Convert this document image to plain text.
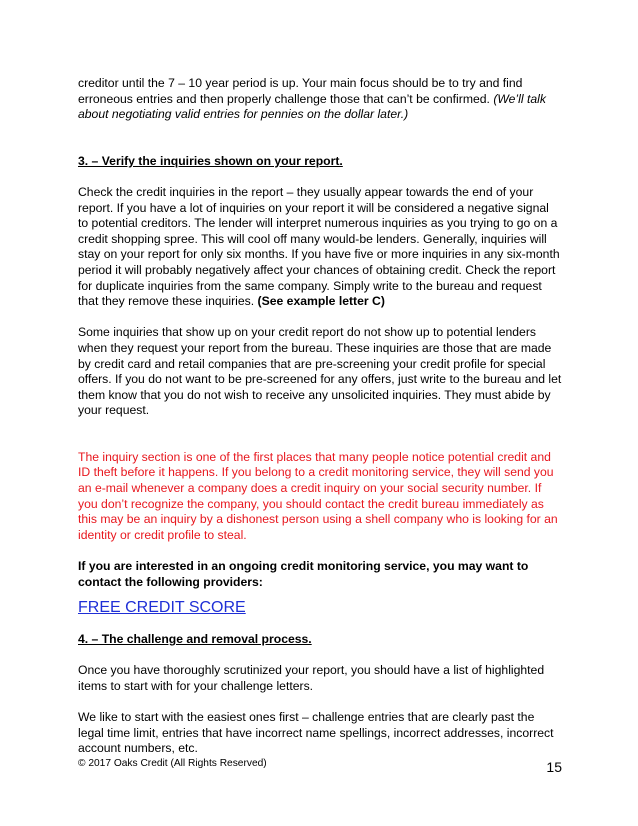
creditor until the 7 – 10 year period is up. Your main focus should be to try and find erroneous entries and then properly challenge those that can’t be confirmed. (We’ll talk about negotiating valid entries for pennies on the dollar later.)

3. – Verify the inquiries shown on your report.

Check the credit inquiries in the report – they usually appear towards the end of your report. If you have a lot of inquiries on your report it will be considered a negative signal to potential creditors. The lender will interpret numerous inquiries as you trying to go on a credit shopping spree. This will cool off many would-be lenders. Generally, inquiries will stay on your report for only six months. If you have five or more inquiries in any six-month period it will probably negatively affect your chances of obtaining credit. Check the report for duplicate inquiries from the same company. Simply write to the bureau and request that they remove these inquiries. (See example letter C)

Some inquiries that show up on your credit report do not show up to potential lenders when they request your report from the bureau. These inquiries are those that are made by credit card and retail companies that are pre-screening your credit profile for special offers. If you do not want to be pre-screened for any offers, just write to the bureau and let them know that you do not wish to receive any unsolicited inquiries. They must abide by your request.

The inquiry section is one of the first places that many people notice potential credit and ID theft before it happens. If you belong to a credit monitoring service, they will send you an e-mail whenever a company does a credit inquiry on your social security number. If you don’t recognize the company, you should contact the credit bureau immediately as this may be an inquiry by a dishonest person using a shell company who is looking for an identity or credit profile to steal.

If you are interested in an ongoing credit monitoring service, you may want to contact the following providers:

FREE CREDIT SCORE

4. – The challenge and removal process.

Once you have thoroughly scrutinized your report, you should have a list of highlighted items to start with for your challenge letters.

We like to start with the easiest ones first – challenge entries that are clearly past the legal time limit, entries that have incorrect name spellings, incorrect addresses, incorrect account numbers, etc.

© 2017 Oaks Credit (All Rights Reserved)	15
